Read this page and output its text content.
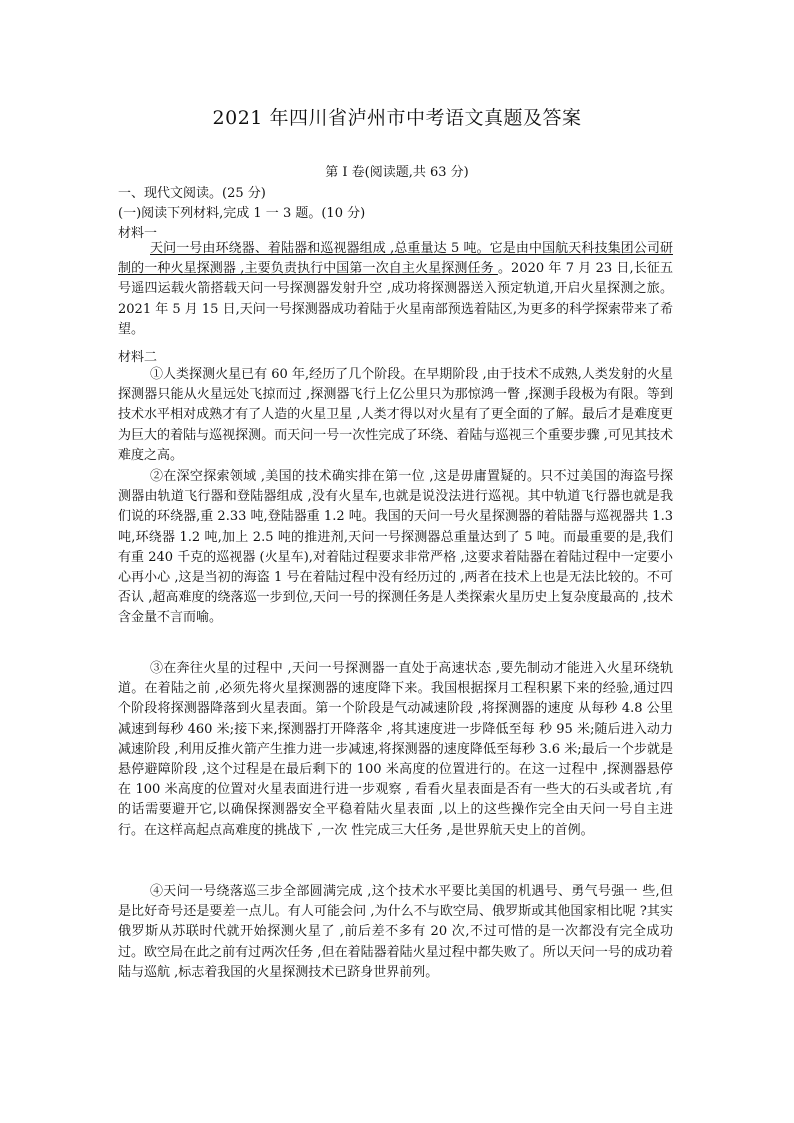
2021 年四川省泸州市中考语文真题及答案
第 I 卷(阅读题,共 63 分)
一、现代文阅读。(25 分)
(一)阅读下列材料,完成 1 一 3 题。(10 分)
材料一

天问一号由环绕器、着陆器和巡视器组成 ,总重量达 5 吨。它是由中国航天科技集团公司研制的一种火星探测器 ,主要负责执行中国第一次自主火星探测任务 。2020 年 7 月 23 日,长征五号遥四运载火箭搭载天问一号探测器发射升空 ,成功将探测器送入预定轨道,开启火星探测之旅。 2021 年 5 月 15 日,天问一号探测器成功着陆于火星南部预选着陆区,为更多的科学探索带来了希望。

材料二

①人类探测火星已有 60 年,经历了几个阶段。在早期阶段 ,由于技术不成熟,人类发射的火星探测器只能从火星远处飞掠而过 ,探测器飞行上亿公里只为那惊鸿一瞥 ,探测手段极为有限。等到技术水平相对成熟才有了人造的火星卫星 ,人类才得以对火星有了更全面的了解。最后才是难度更为巨大的着陆与巡视探测。而天问一号一次性完成了环绕、着陆与巡视三个重要步骤 ,可见其技术难度之高。

②在深空探索领域 ,美国的技术确实排在第一位 ,这是毋庸置疑的。只不过美国的海盗号探测器由轨道飞行器和登陆器组成 ,没有火星车,也就是说没法进行巡视。其中轨道飞行器也就是我们说的环绕器,重 2.33 吨,登陆器重 1.2 吨。我国的天问一号火星探测器的着陆器与巡视器共 1.3 吨,环绕器 1.2 吨,加上 2.5 吨的推进剂,天问一号探测器总重量达到了 5 吨。而最重要的是,我们有重 240 千克的巡视器 (火星车),对着陆过程要求非常严格 ,这要求着陆器在着陆过程中一定要小心再小心 ,这是当初的海盗 1 号在着陆过程中没有经历过的 ,两者在技术上也是无法比较的。不可否认 ,超高难度的绕落巡一步到位,天问一号的探测任务是人类探索火星历史上复杂度最高的 ,技术含金量不言而喻。

③在奔往火星的过程中 ,天问一号探测器一直处于高速状态 ,要先制动才能进入火星环绕轨道。在着陆之前 ,必须先将火星探测器的速度降下来。我国根据探月工程积累下来的经验,通过四个阶段将探测器降落到火星表面。第一个阶段是气动减速阶段 ,将探测器的速度 从每秒 4.8 公里减速到每秒 460 米;接下来,探测器打开降落伞 ,将其速度进一步降低至每 秒 95 米;随后进入动力减速阶段 ,利用反推火箭产生推力进一步减速,将探测器的速度降低至每秒 3.6 米;最后一个步就是悬停避障阶段 ,这个过程是在最后剩下的 100 米高度的位置进行的。在这一过程中 ,探测器悬停在 100 米高度的位置对火星表面进行进一步观察 , 看看火星表面是否有一些大的石头或者坑 ,有的话需要避开它,以确保探测器安全平稳着陆火星表面 ,以上的这些操作完全由天问一号自主进行。在这样高起点高难度的挑战下 ,一次 性完成三大任务 ,是世界航天史上的首例。

④天问一号绕落巡三步全部圆满完成 ,这个技术水平要比美国的机遇号、勇气号强一 些,但是比好奇号还是要差一点儿。有人可能会问 ,为什么不与欧空局、俄罗斯或其他国家相比呢 ?其实俄罗斯从苏联时代就开始探测火星了 ,前后差不多有 20 次,不过可惜的是一次都没有完全成功过。欧空局在此之前有过两次任务 ,但在着陆器着陆火星过程中都失败了。所以天问一号的成功着陆与巡航 ,标志着我国的火星探测技术已跻身世界前列。
